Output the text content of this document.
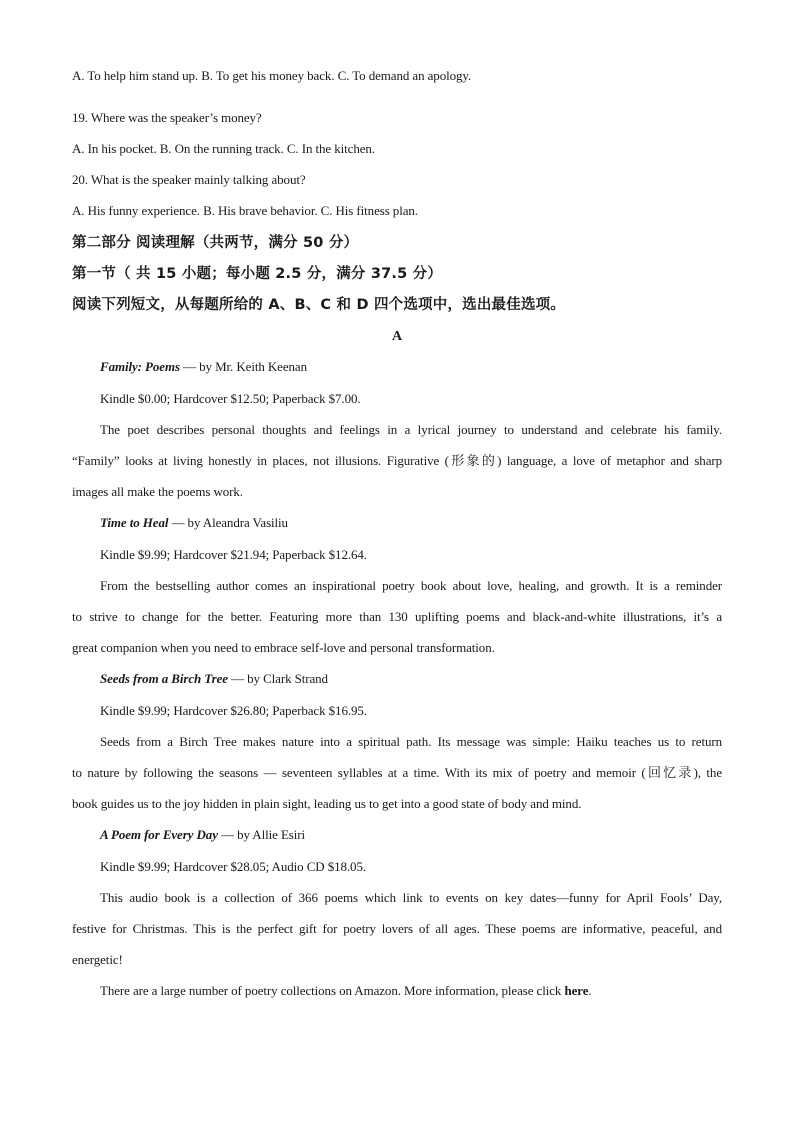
A. To help him stand up. B. To get his money back. C. To demand an apology.
19. Where was the speaker’s money?
A. In his pocket. B. On the running track. C. In the kitchen.
20. What is the speaker mainly talking about?
A. His funny experience. B. His brave behavior. C. His fitness plan.
第二部分 阅读理解（共两节，满分 50 分）
第一节（ 共 15 小题；每小题 2.5 分，满分 37.5 分）
阅读下列短文，从每题所给的 A、B、C 和 D 四个选项中，选出最佳选项。
A
Family: Poems — by Mr. Keith Keenan
Kindle $0.00; Hardcover $12.50; Paperback $7.00.
The poet describes personal thoughts and feelings in a lyrical journey to understand and celebrate his family.
“Family” looks at living honestly in places, not illusions. Figurative (形象的) language, a love of metaphor and sharp
images all make the poems work.
Time to Heal — by Aleandra Vasiliu
Kindle $9.99; Hardcover $21.94; Paperback $12.64.
From the bestselling author comes an inspirational poetry book about love, healing, and growth. It is a reminder
to strive to change for the better. Featuring more than 130 uplifting poems and black-and-white illustrations, it’s a
great companion when you need to embrace self-love and personal transformation.
Seeds from a Birch Tree — by Clark Strand
Kindle $9.99; Hardcover $26.80; Paperback $16.95.
Seeds from a Birch Tree makes nature into a spiritual path. Its message was simple: Haiku teaches us to return
to nature by following the seasons — seventeen syllables at a time. With its mix of poetry and memoir (回忆录), the
book guides us to the joy hidden in plain sight, leading us to get into a good state of body and mind.
A Poem for Every Day — by Allie Esiri
Kindle $9.99; Hardcover $28.05; Audio CD $18.05.
This audio book is a collection of 366 poems which link to events on key dates—funny for April Fools’ Day,
festive for Christmas. This is the perfect gift for poetry lovers of all ages. These poems are informative, peaceful, and
energetic!
There are a large number of poetry collections on Amazon. More information, please click here.
